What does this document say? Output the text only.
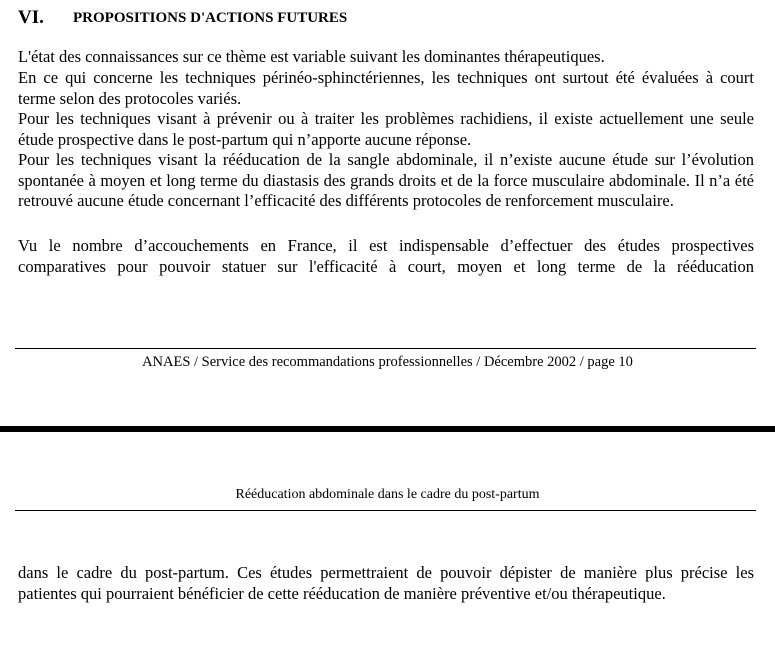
VI. PROPOSITIONS D'ACTIONS FUTURES

L'état des connaissances sur ce thème est variable suivant les dominantes thérapeutiques.

En ce qui concerne les techniques périnéo-sphinctériennes, les techniques ont surtout été évaluées à court terme selon des protocoles variés.

Pour les techniques visant à prévenir ou à traiter les problèmes rachidiens, il existe actuellement une seule étude prospective dans le post-partum qui n’apporte aucune réponse.

Pour les techniques visant la rééducation de la sangle abdominale, il n’existe aucune étude sur l’évolution spontanée à moyen et long terme du diastasis des grands droits et de la force musculaire abdominale. Il n’a été retrouvé aucune étude concernant l’efficacité des différents protocoles de renforcement musculaire.

Vu le nombre d’accouchements en France, il est indispensable d’effectuer des études prospectives comparatives pour pouvoir statuer sur l'efficacité à court, moyen et long terme de la rééducation

ANAES / Service des recommandations professionnelles / Décembre 2002 / page 10
Rééducation abdominale dans le cadre du post-partum

dans le cadre du post-partum. Ces études permettraient de pouvoir dépister de manière plus précise les patientes qui pourraient bénéficier de cette rééducation de manière préventive et/ou thérapeutique.
